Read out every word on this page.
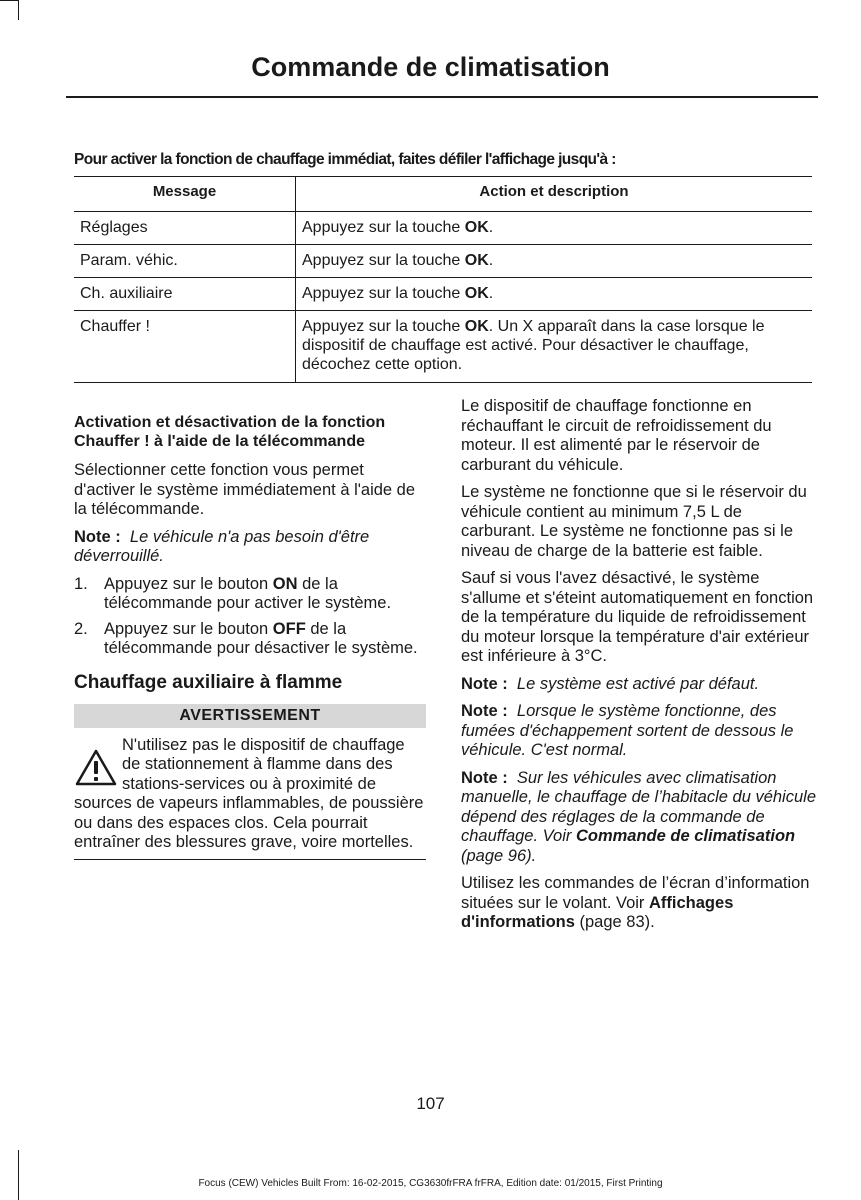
Commande de climatisation
Pour activer la fonction de chauffage immédiat, faites défiler l'affichage jusqu'à :
Message	Action et description
Réglages	Appuyez sur la touche OK.
Param. véhic.	Appuyez sur la touche OK.
Ch. auxiliaire	Appuyez sur la touche OK.
Chauffer !	Appuyez sur la touche OK. Un X apparaît dans la case lorsque le dispositif de chauffage est activé. Pour désactiver le chauffage, décochez cette option.
Activation et désactivation de la fonction Chauffer ! à l'aide de la télécommande

Sélectionner cette fonction vous permet d'activer le système immédiatement à l'aide de la télécommande.

Note : Le véhicule n'a pas besoin d'être déverrouillé.

1. Appuyez sur le bouton ON de la télécommande pour activer le système.
2. Appuyez sur le bouton OFF de la télécommande pour désactiver le système.
Chauffage auxiliaire à flamme
AVERTISSEMENT
N'utilisez pas le dispositif de chauffage de stationnement à flamme dans des stations-services ou à proximité de sources de vapeurs inflammables, de poussière ou dans des espaces clos. Cela pourrait entraîner des blessures grave, voire mortelles.

Le dispositif de chauffage fonctionne en réchauffant le circuit de refroidissement du moteur. Il est alimenté par le réservoir de carburant du véhicule.

Le système ne fonctionne que si le réservoir du véhicule contient au minimum 7,5 L de carburant. Le système ne fonctionne pas si le niveau de charge de la batterie est faible.

Sauf si vous l'avez désactivé, le système s'allume et s'éteint automatiquement en fonction de la température du liquide de refroidissement du moteur lorsque la température d'air extérieur est inférieure à 3°C.

Note : Le système est activé par défaut.

Note : Lorsque le système fonctionne, des fumées d'échappement sortent de dessous le véhicule. C'est normal.

Note : Sur les véhicules avec climatisation manuelle, le chauffage de l’habitacle du véhicule dépend des réglages de la commande de chauffage. Voir Commande de climatisation (page 96).

Utilisez les commandes de l’écran d’information situées sur le volant. Voir Affichages d'informations (page 83).

107
Focus (CEW) Vehicles Built From: 16-02-2015, CG3630frFRA frFRA, Edition date: 01/2015, First Printing
